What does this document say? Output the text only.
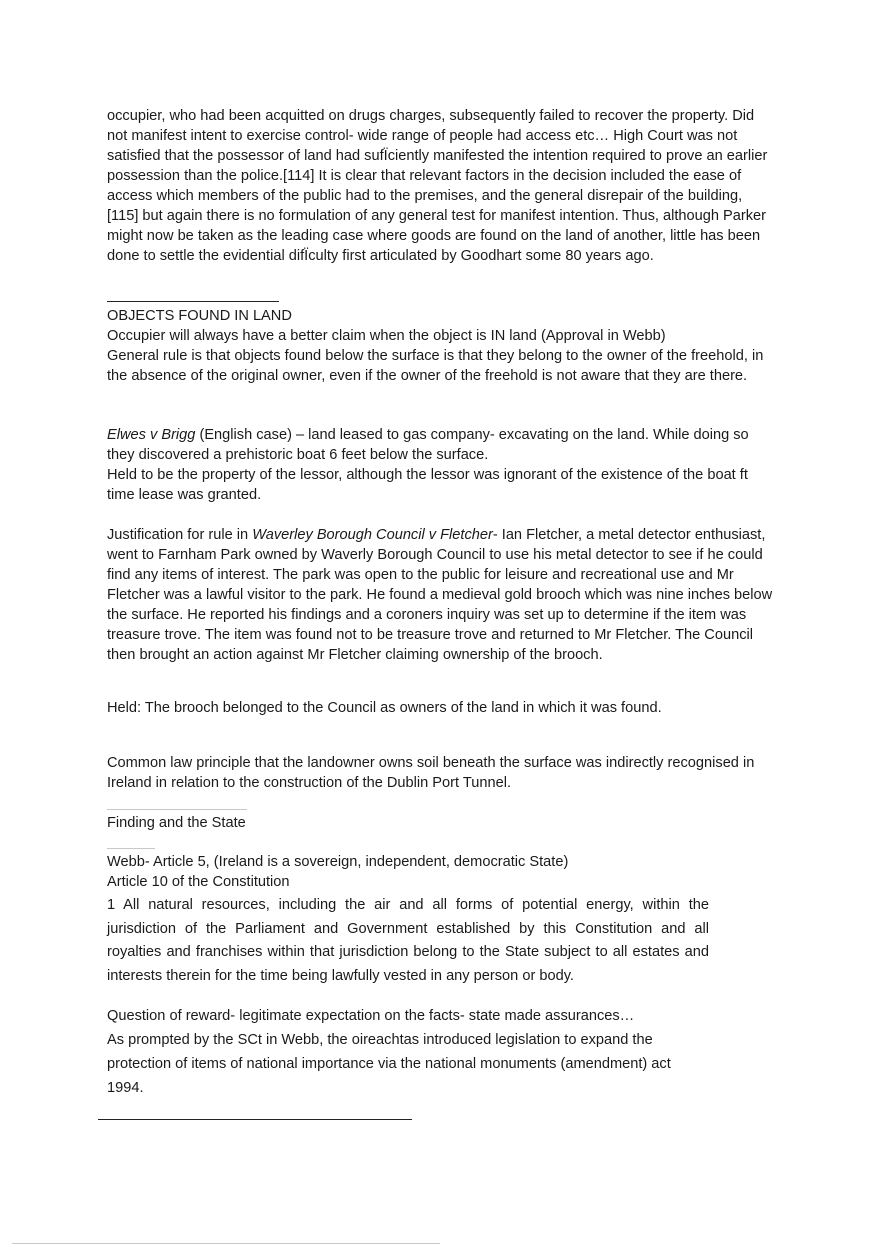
occupier, who had been acquitted on drugs charges, subsequently failed to recover the property. Did not manifest intent to exercise control- wide range of people had access etc… High Court was not satisfied that the possessor of land had sufÏciently manifested the intention required to prove an earlier possession than the police.[114] It is clear that relevant factors in the decision included the ease of access which members of the public had to the premises, and the general disrepair of the building,[115] but again there is no formulation of any general test for manifest intention. Thus, although Parker might now be taken as the leading case where goods are found on the land of another, little has been done to settle the evidential difÏculty first articulated by Goodhart some 80 years ago.

OBJECTS FOUND IN LAND

Occupier will always have a better claim when the object is IN land (Approval in Webb)

General rule is that objects found below the surface is that they belong to the owner of the freehold, in the absence of the original owner, even if the owner of the freehold is not aware that they are there.

Elwes v Brigg (English case) – land leased to gas company- excavating on the land. While doing so they discovered a prehistoric boat 6 feet below the surface.

Held to be the property of the lessor, although the lessor was ignorant of the existence of the boat ft time lease was granted.

Justification for rule in Waverley Borough Council v Fletcher- Ian Fletcher, a metal detector enthusiast, went to Farnham Park owned by Waverly Borough Council to use his metal detector to see if he could find any items of interest. The park was open to the public for leisure and recreational use and Mr Fletcher was a lawful visitor to the park. He found a medieval gold brooch which was nine inches below the surface. He reported his findings and a coroners inquiry was set up to determine if the item was treasure trove. The item was found not to be treasure trove and returned to Mr Fletcher. The Council then brought an action against Mr Fletcher claiming ownership of the brooch.

Held: The brooch belonged to the Council as owners of the land in which it was found.

Common law principle that the landowner owns soil beneath the surface was indirectly recognised in Ireland in relation to the construction of the Dublin Port Tunnel.

Finding and the State

Webb- Article 5, (Ireland is a sovereign, independent, democratic State)

Article 10 of the Constitution

1 All natural resources, including the air and all forms of potential energy, within the jurisdiction of the Parliament and Government established by this Constitution and all royalties and franchises within that jurisdiction belong to the State subject to all estates and interests therein for the time being lawfully vested in any person or body.

Question of reward- legitimate expectation on the facts- state made assurances…

As prompted by the SCt in Webb, the oireachtas introduced legislation to expand the protection of items of national importance via the national monuments (amendment) act 1994.
